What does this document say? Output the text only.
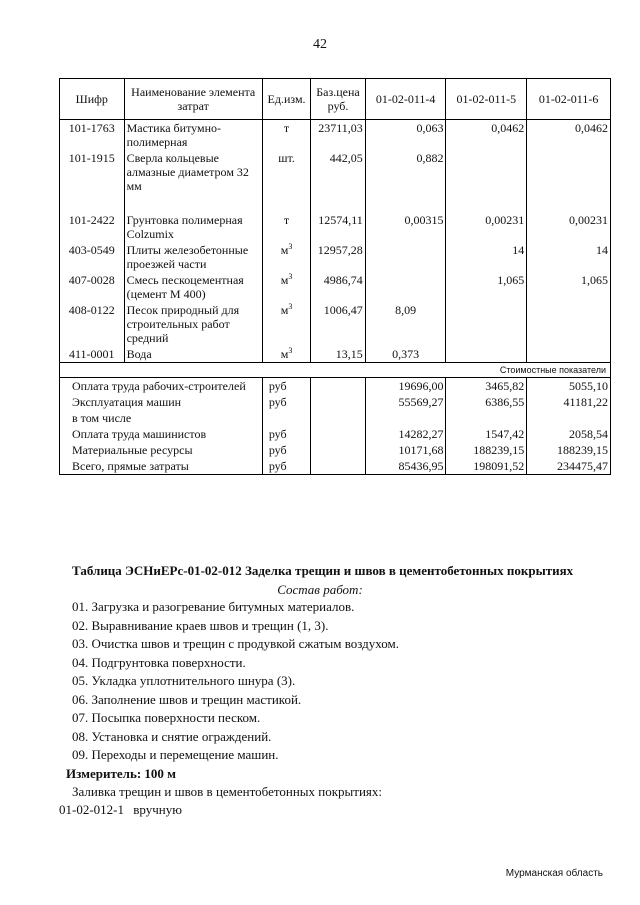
42
Шифр	Наименование элемента затрат	Ед.изм.	Баз.цена руб.	01-02-011-4	01-02-011-5	01-02-011-6
101-1763	Мастика битумно-полимерная	т	23711,03	0,063	0,0462	0,0462
101-1915	Сверла кольцевые алмазные диаметром 32 мм	шт.	442,05	0,882		
101-2422	Грунтовка полимерная Colzumix	т	12574,11	0,00315	0,00231	0,00231
403-0549	Плиты железобетонные проезжей части	$м^3$	12957,28		14	14
407-0028	Смесь пескоцементная (цемент М 400)	$м^3$	4986,74		1,065	1,065
408-0122	Песок природный для строительных работ средний	$м^3$	1006,47	8,09		
411-0001	Вода	$м^3$	13,15	0,373		
Стоимостные показатели						
Оплата труда рабочих-строителей		руб		19696,00	3465,82	5055,10
Эксплуатация машин		руб		55569,27	6386,55	41181,22
в том числе						
Оплата труда машинистов		руб		14282,27	1547,42	2058,54
Материальные ресурсы		руб		10171,68	188239,15	188239,15
Всего, прямые затраты		руб		85436,95	198091,52	234475,47
Таблица ЭСНиЕРс-01-02-012 Заделка трещин и швов в цементобетонных покрытиях
Состав работ:
01. Загрузка и разогревание битумных материалов.
02. Выравнивание краев швов и трещин (1, 3).
03. Очистка швов и трещин с продувкой сжатым воздухом.
04. Подгрунтовка поверхности.
05. Укладка уплотнительного шнура (3).
06. Заполнение швов и трещин мастикой.
07. Посыпка поверхности песком.
08. Установка и снятие ограждений.
09. Переходы и перемещение машин.
Измеритель: 100 м
Заливка трещин и швов в цементобетонных покрытиях:
01-02-012-1 вручную
Мурманская область
